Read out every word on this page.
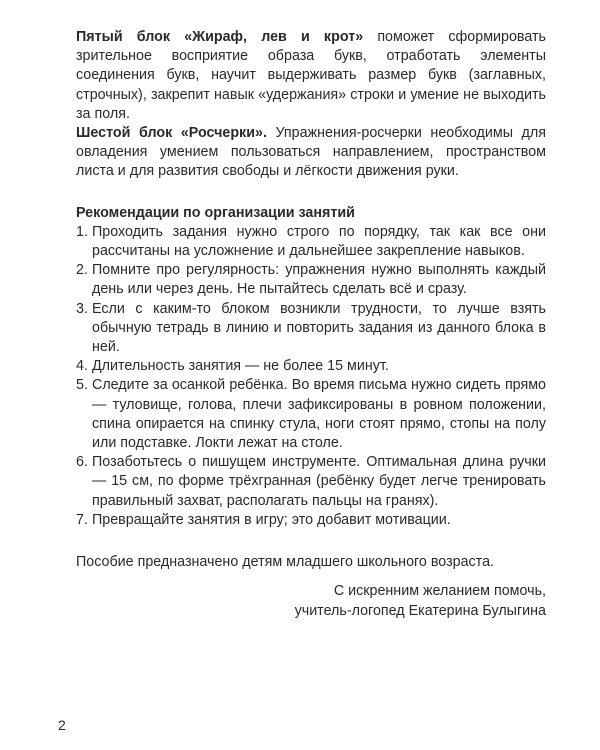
Пятый блок «Жираф, лев и крот» поможет сформировать зрительное восприятие образа букв, отработать элементы соединения букв, научит выдерживать размер букв (заглавных, строчных), закрепит навык «удержания» строки и умение не выходить за поля.

Шестой блок «Росчерки». Упражнения-росчерки необходимы для овладения умением пользоваться направлением, пространством листа и для развития свободы и лёгкости движения руки.

Рекомендации по организации занятий

1. Проходить задания нужно строго по порядку, так как все они рассчитаны на усложнение и дальнейшее закрепление навыков.
2. Помните про регулярность: упражнения нужно выполнять каждый день или через день. Не пытайтесь сделать всё и сразу.
3. Если с каким-то блоком возникли трудности, то лучше взять обычную тетрадь в линию и повторить задания из данного блока в ней.
4. Длительность занятия — не более 15 минут.
5. Следите за осанкой ребёнка. Во время письма нужно сидеть прямо — туловище, голова, плечи зафиксированы в ровном положении, спина опирается на спинку стула, ноги стоят прямо, стопы на полу или подставке. Локти лежат на столе.
6. Позаботьтесь о пишущем инструменте. Оптимальная длина ручки — 15 см, по форме трёхгранная (ребёнку будет легче тренировать правильный захват, располагать пальцы на гранях).
7. Превращайте занятия в игру; это добавит мотивации.

Пособие предназначено детям младшего школьного возраста.

С искренним желанием помочь,
учитель-логопед Екатерина Булыгина
2
